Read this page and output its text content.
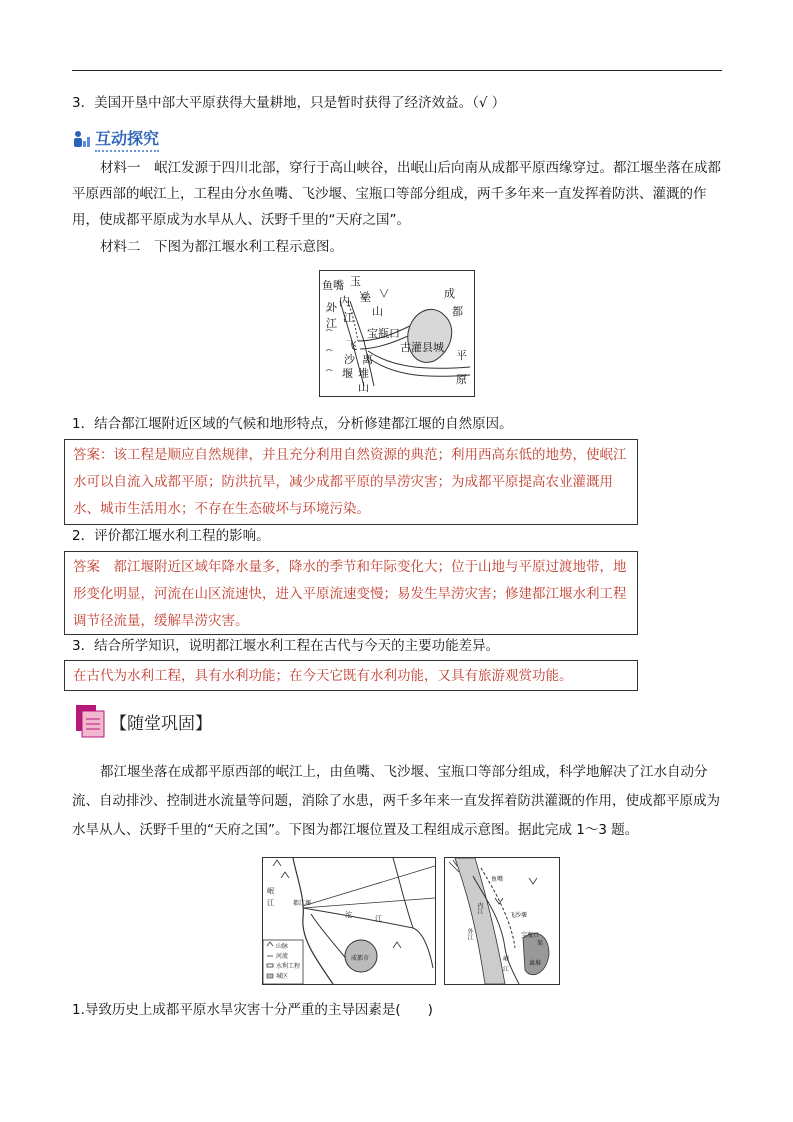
3．美国开垦中部大平原获得大量耕地，只是暂时获得了经济效益。（√ ）
互动探究
材料一　岷江发源于四川北部，穿行于高山峡谷，出岷山后向南从成都平原西缘穿过。都江堰坐落在成都平原西部的岷江上，工程由分水鱼嘴、飞沙堰、宝瓶口等部分组成，两千多年来一直发挥着防洪、灌溉的作用，使成都平原成为水旱从人、沃野千里的“天府之国”。
材料二　下图为都江堰水利工程示意图。
鱼嘴
内
外
江
江
玉
垒
山
宝瓶口
成
都
平
原
古灌县城
飞
沙
堰
离
堆
山
1．结合都江堰附近区域的气候和地形特点，分析修建都江堰的自然原因。
答案：该工程是顺应自然规律，并且充分利用自然资源的典范；利用西高东低的地势，使岷江水可以自流入成都平原；防洪抗旱，减少成都平原的旱涝灾害；为成都平原提高农业灌溉用水、城市生活用水；不存在生态破坏与环境污染。
2．评价都江堰水利工程的影响。
答案　都江堰附近区域年降水量多，降水的季节和年际变化大；位于山地与平原过渡地带，地形变化明显，河流在山区流速快，进入平原流速变慢；易发生旱涝灾害；修建都江堰水利工程调节径流量，缓解旱涝灾害。
3．结合所学知识，说明都江堰水利工程在古代与今天的主要功能差异。
在古代为水利工程，具有水利功能；在今天它既有水利功能，又具有旅游观赏功能。
【随堂巩固】
都江堰坐落在成都平原西部的岷江上，由鱼嘴、飞沙堰、宝瓶口等部分组成，科学地解决了江水自动分流、自动排沙、控制进水流量等问题，消除了水患，两千多年来一直发挥着防洪灌溉的作用，使成都平原成为水旱从人、沃野千里的“天府之国”。下图为都江堰位置及工程组成示意图。据此完成 1～3 题。
岷
江	都江堰
沱	江
成都市
山脉
河流
水利工程
城区
鱼嘴
飞沙堰
宝瓶口
内江
外江
岷
江
离堆
渠
1.导致历史上成都平原水旱灾害十分严重的主导因素是(　　)
